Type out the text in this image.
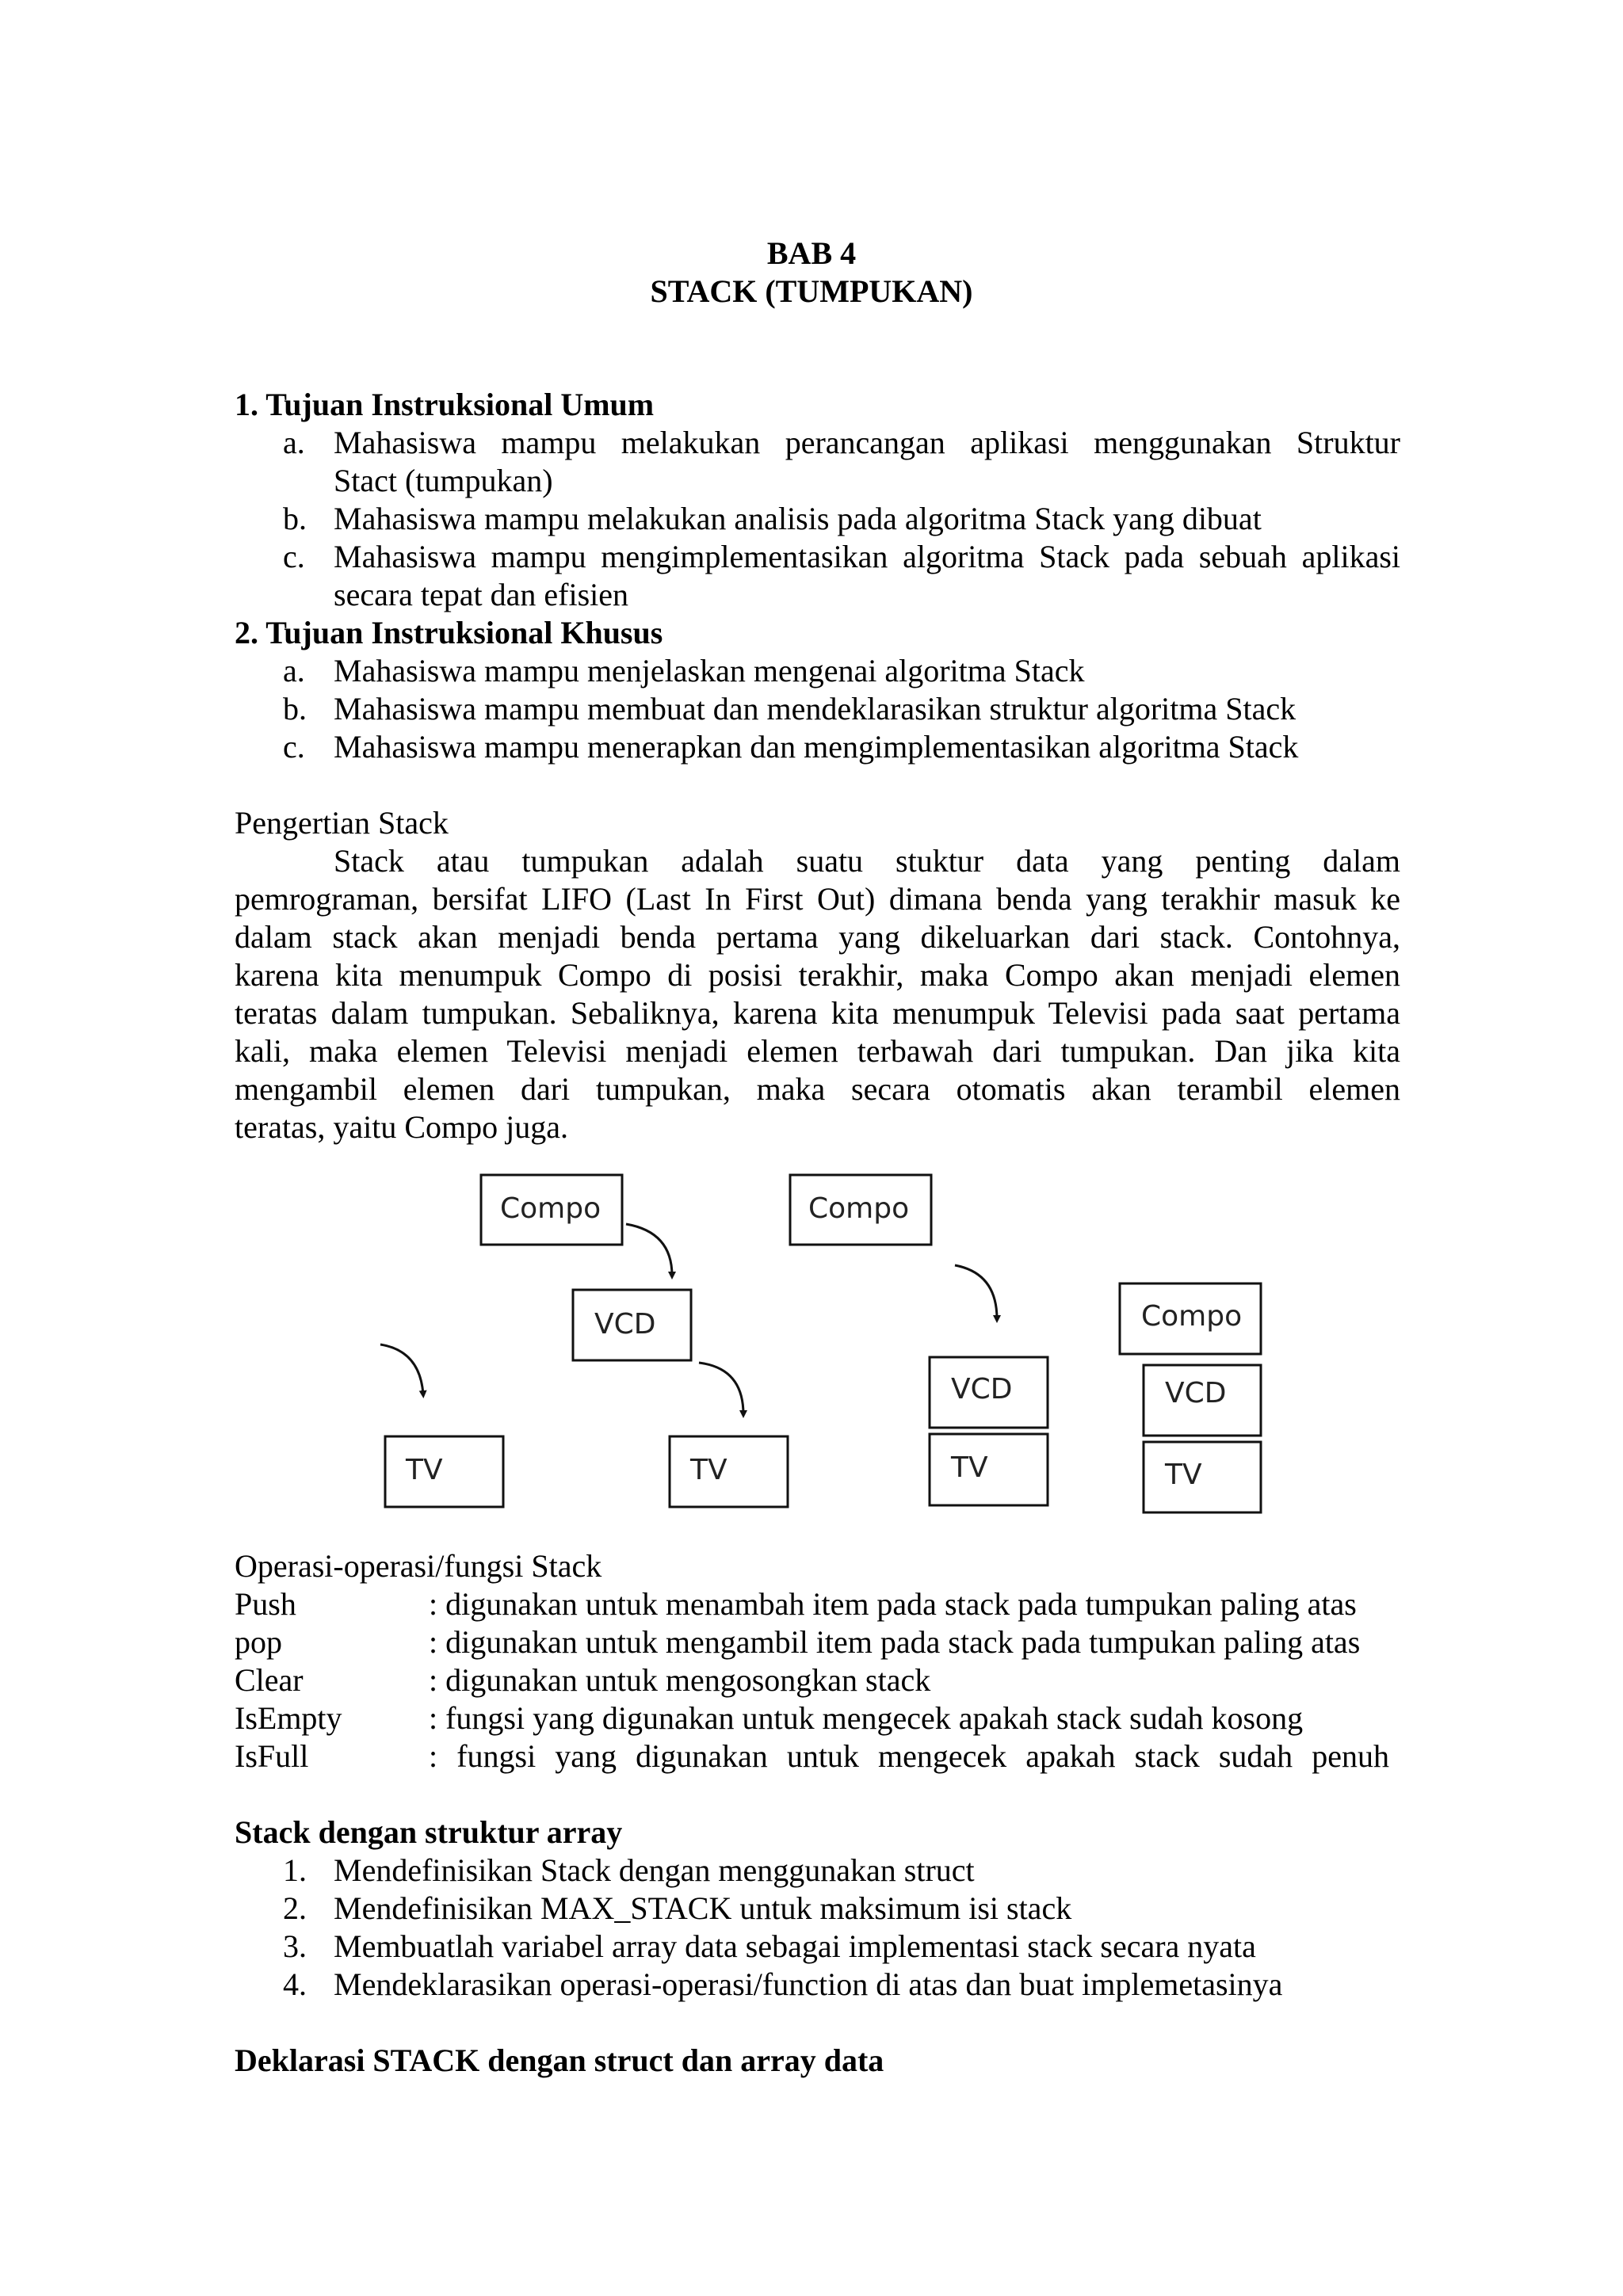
BAB 4
STACK (TUMPUKAN)
1. Tujuan Instruksional Umum
a. Mahasiswa mampu melakukan perancangan aplikasi menggunakan Struktur
Stact (tumpukan)
b. Mahasiswa mampu melakukan analisis pada algoritma Stack yang dibuat
c. Mahasiswa mampu mengimplementasikan algoritma Stack pada sebuah aplikasi
secara tepat dan efisien
2. Tujuan Instruksional Khusus
a. Mahasiswa mampu menjelaskan mengenai algoritma Stack
b. Mahasiswa mampu membuat dan mendeklarasikan struktur algoritma Stack
c. Mahasiswa mampu menerapkan dan mengimplementasikan algoritma Stack
Pengertian Stack
Stack atau tumpukan adalah suatu stuktur data yang penting dalam
pemrograman, bersifat LIFO (Last In First Out) dimana benda yang terakhir masuk ke
dalam stack akan menjadi benda pertama yang dikeluarkan dari stack. Contohnya,
karena kita menumpuk Compo di posisi terakhir, maka Compo akan menjadi elemen
teratas dalam tumpukan. Sebaliknya, karena kita menumpuk Televisi pada saat pertama
kali, maka elemen Televisi menjadi elemen terbawah dari tumpukan. Dan jika kita
mengambil elemen dari tumpukan, maka secara otomatis akan terambil elemen
teratas, yaitu Compo juga.
Compo
VCD
TV	TV
Compo
VCD
TV
Compo
VCD
TV
Operasi-operasi/fungsi Stack
Push	: digunakan untuk menambah item pada stack pada tumpukan paling atas
pop	: digunakan untuk mengambil item pada stack pada tumpukan paling atas
Clear	: digunakan untuk mengosongkan stack
IsEmpty	: fungsi yang digunakan untuk mengecek apakah stack sudah kosong
IsFull	: fungsi yang digunakan untuk mengecek apakah stack sudah penuh
Stack dengan struktur array
1. Mendefinisikan Stack dengan menggunakan struct
2. Mendefinisikan MAX_STACK untuk maksimum isi stack
3. Membuatlah variabel array data sebagai implementasi stack secara nyata
4. Mendeklarasikan operasi-operasi/function di atas dan buat implemetasinya
Deklarasi STACK dengan struct dan array data
